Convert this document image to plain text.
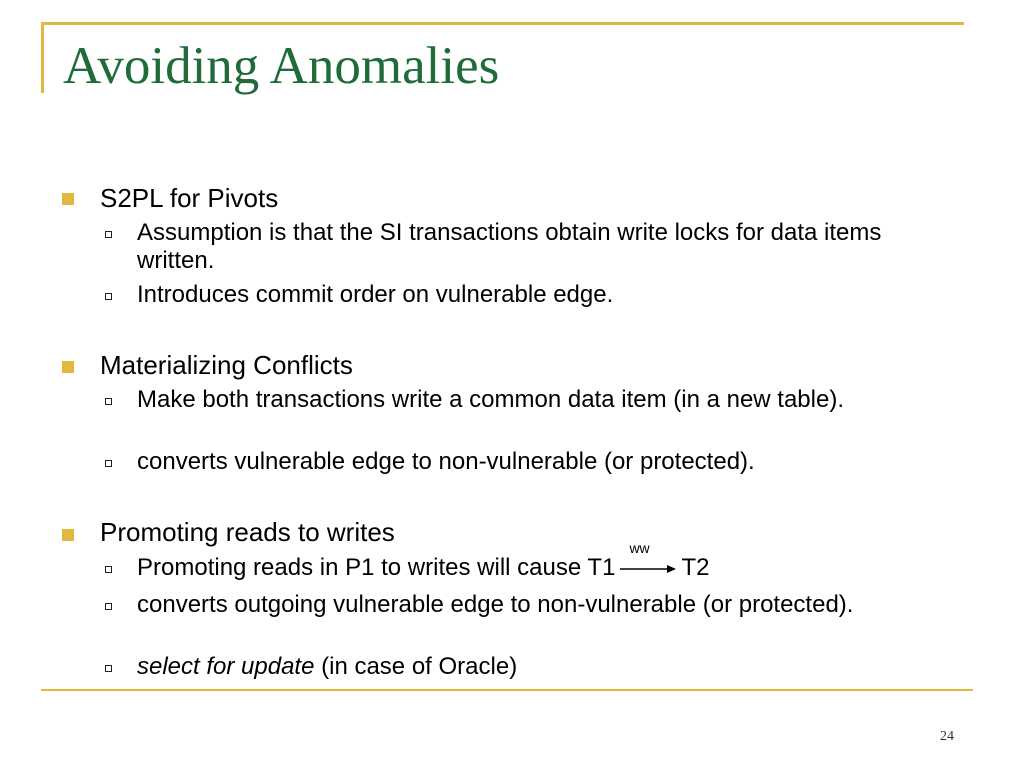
Avoiding Anomalies
S2PL for Pivots
Assumption is that the SI transactions obtain write locks for data items written.
Introduces commit order on vulnerable edge.
Materializing Conflicts
Make both transactions write a common data item (in a new table).
converts vulnerable edge to non-vulnerable (or protected).
Promoting reads to writes
Promoting reads in P1 to writes will cause T1
ww
T2
converts outgoing vulnerable edge to non-vulnerable (or protected).
select for update (in case of Oracle)
24
